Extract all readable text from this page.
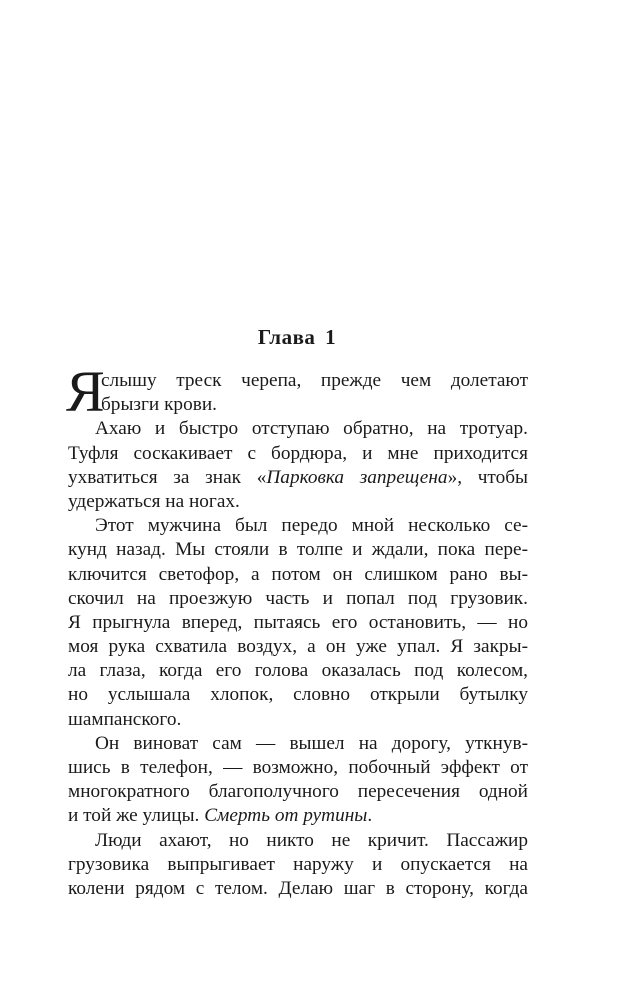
Глава 1
Я
слышу треск черепа, прежде чем долетают
брызги крови.
Ахаю и быстро отступаю обратно, на тротуар.
Туфля соскакивает с бордюра, и мне приходится
ухватиться за знак «Парковка запрещена», чтобы
удержаться на ногах.
Этот мужчина был передо мной несколько се-
кунд назад. Мы стояли в толпе и ждали, пока пере-
ключится светофор, а потом он слишком рано вы-
скочил на проезжую часть и попал под грузовик.
Я прыгнула вперед, пытаясь его остановить, — но
моя рука схватила воздух, а он уже упал. Я закры-
ла глаза, когда его голова оказалась под колесом,
но услышала хлопок, словно открыли бутылку
шампанского.
Он виноват сам — вышел на дорогу, уткнув-
шись в телефон, — возможно, побочный эффект от
многократного благополучного пересечения одной
и той же улицы. Смерть от рутины.
Люди ахают, но никто не кричит. Пассажир
грузовика выпрыгивает наружу и опускается на
колени рядом с телом. Делаю шаг в сторону, когда
